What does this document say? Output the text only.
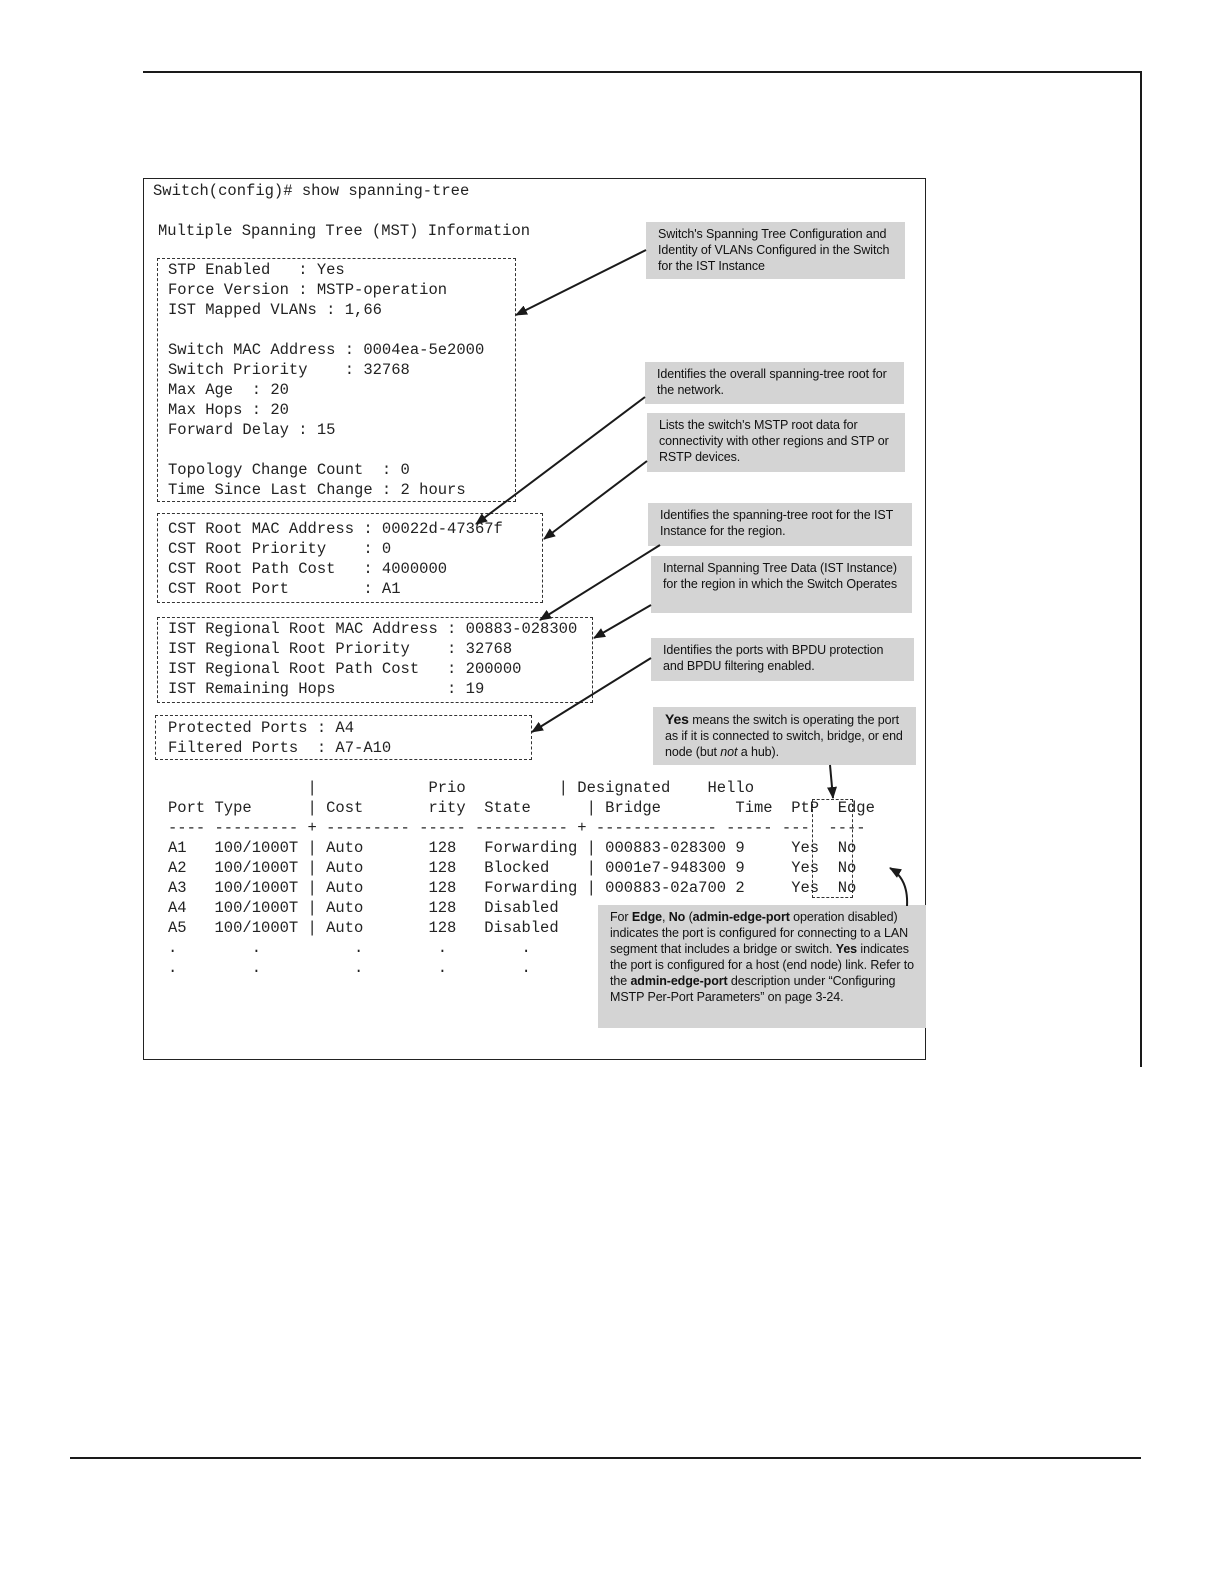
Switch(config)# show spanning-tree
Multiple Spanning Tree (MST) Information
STP Enabled   : Yes
Force Version : MSTP-operation
IST Mapped VLANs : 1,66
Switch MAC Address : 0004ea-5e2000
Switch Priority    : 32768
Max Age  : 20
Max Hops : 20
Forward Delay : 15
Topology Change Count  : 0
Time Since Last Change : 2 hours
CST Root MAC Address : 00022d-47367f
CST Root Priority    : 0
CST Root Path Cost   : 4000000
CST Root Port        : A1
IST Regional Root MAC Address : 00883-028300
IST Regional Root Priority    : 32768
IST Regional Root Path Cost   : 200000
IST Remaining Hops            : 19
Protected Ports : A4
Filtered Ports  : A7-A10
|            Prio          | Designated    Hello
Port Type      | Cost       rity  State      | Bridge        Time  PtP  Edge
---- --------- + --------- ----- ---------- + ------------- ----- ---  ----
A1   100/1000T | Auto       128   Forwarding | 000883-028300 9     Yes  No
A2   100/1000T | Auto       128   Blocked    | 0001e7-948300 9     Yes  No
A3   100/1000T | Auto       128   Forwarding | 000883-02a700 2     Yes  No
A4   100/1000T | Auto       128   Disabled
A5   100/1000T | Auto       128   Disabled
.        .          .        .        .
.        .          .        .        .
Switch's Spanning Tree Configuration and Identity of VLANs Configured in the Switch for the IST Instance
Identifies the overall spanning-tree root for the network.
Lists the switch's MSTP root data for connectivity with other regions and STP or RSTP devices.
Identifies the spanning-tree root for the IST Instance for the region.
Internal Spanning Tree Data (IST Instance) for the region in which the Switch Operates
Identifies the ports with BPDU protection and BPDU filtering enabled.
Yes means the switch is operating the port as if it is connected to switch, bridge, or end node (but not a hub).
For Edge, No (admin-edge-port operation disabled) indicates the port is configured for connecting to a LAN segment that includes a bridge or switch. Yes indicates the port is configured for a host (end node) link. Refer to the admin-edge-port description under “Configuring MSTP Per-Port Parameters” on page 3-24.
